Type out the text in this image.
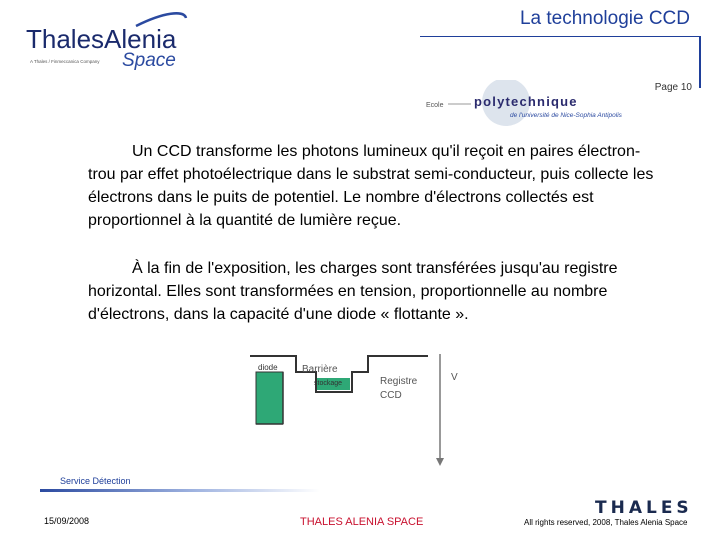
ThalesAlenia
Space
A Thales / Finmeccanica Company
La technologie CCD
Page 10
Ecole polytechnique
de l'université de Nice-Sophia Antipolis

Un CCD transforme les photons lumineux qu'il reçoit en paires électron-trou par effet photoélectrique dans le substrat semi-conducteur, puis collecte les électrons dans le puits de potentiel. Le nombre d'électrons collectés est proportionnel à la quantité de lumière reçue.

À la fin de l'exposition, les charges sont transférées jusqu'au registre horizontal. Elles sont transformées en tension, proportionnelle au nombre d'électrons, dans la capacité d'une diode « flottante ».

diode Barrière
stockage	Registre
CCD
V
Service Détection
15/09/2008	THALES ALENIA SPACE
THALES
All rights reserved, 2008, Thales Alenia Space
